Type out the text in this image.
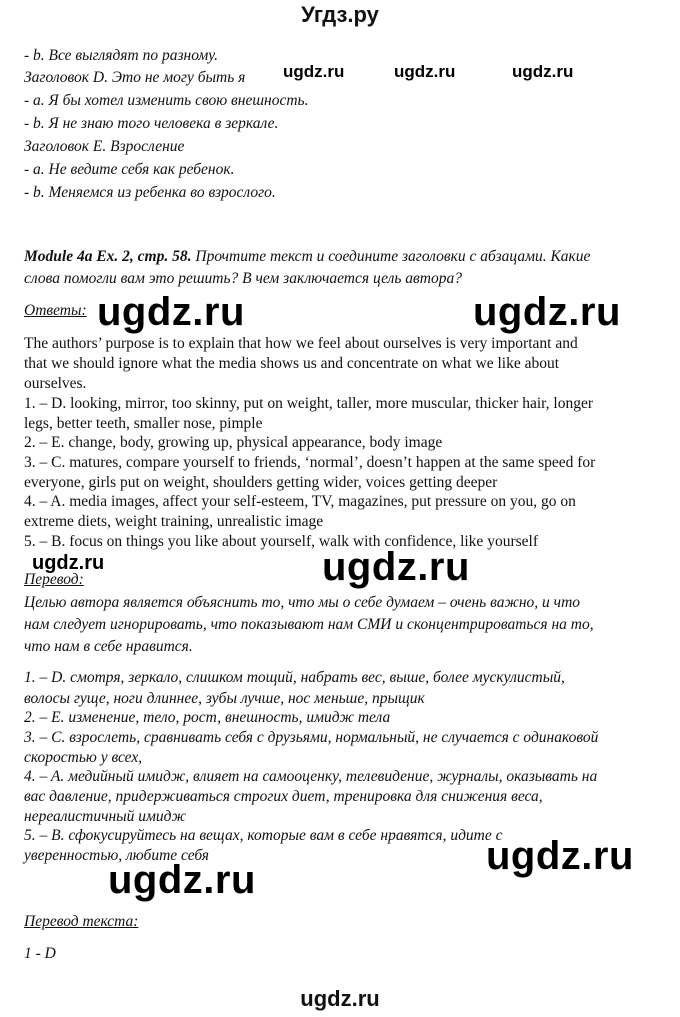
Угдз.ру
- b. Все выглядят по разному.
Заголовок D. Это не могу быть я
- a. Я бы хотел изменить свою внешность.
- b. Я не знаю того человека в зеркале.
Заголовок E. Взросление
- a. Не ведите себя как ребенок.
- b. Меняемся из ребенка во взрослого.
ugdz.ru	ugdz.ru	ugdz.ru
Module 4a Ex. 2, стр. 58. Прочтите текст и соедините заголовки с абзацами. Какие
слова помогли вам это решить? В чем заключается цель автора?
Ответы: ugdz.ru	ugdz.ru
The authors’ purpose is to explain that how we feel about ourselves is very important and
that we should ignore what the media shows us and concentrate on what we like about
ourselves.
1. – D. looking, mirror, too skinny, put on weight, taller, more muscular, thicker hair, longer
legs, better teeth, smaller nose, pimple
2. – E. change, body, growing up, physical appearance, body image
3. – C. matures, compare yourself to friends, ‘normal’, doesn’t happen at the same speed for
everyone, girls put on weight, shoulders getting wider, voices getting deeper
4. – A. media images, affect your self-esteem, TV, magazines, put pressure on you, go on
extreme diets, weight training, unrealistic image
5. – B. focus on things you like about yourself, walk with confidence, like yourself
ugdz.ru	ugdz.ru
Перевод:
Целью автора является объяснить то, что мы о себе думаем – очень важно, и что
нам следует игнорировать, что показывают нам СМИ и сконцентрироваться на то,
что нам в себе нравится.
1. – D. смотря, зеркало, слишком тощий, набрать вес, выше, более мускулистый,
волосы гуще, ноги длиннее, зубы лучше, нос меньше, прыщик
2. – E. изменение, тело, рост, внешность, имидж тела
3. – C. взрослеть, сравнивать себя с друзьями, нормальный, не случается с одинаковой
скоростью у всех,
4. – A. медийный имидж, влияет на самооценку, телевидение, журналы, оказывать на
вас давление, придерживаться строгих диет, тренировка для снижения веса,
нереалистичный имидж
5. – B. сфокусируйтесь на вещах, которые вам в себе нравятся, идите с
уверенностью, любите себя	ugdz.ru
ugdz.ru
Перевод текста:
1 - D
ugdz.ru
